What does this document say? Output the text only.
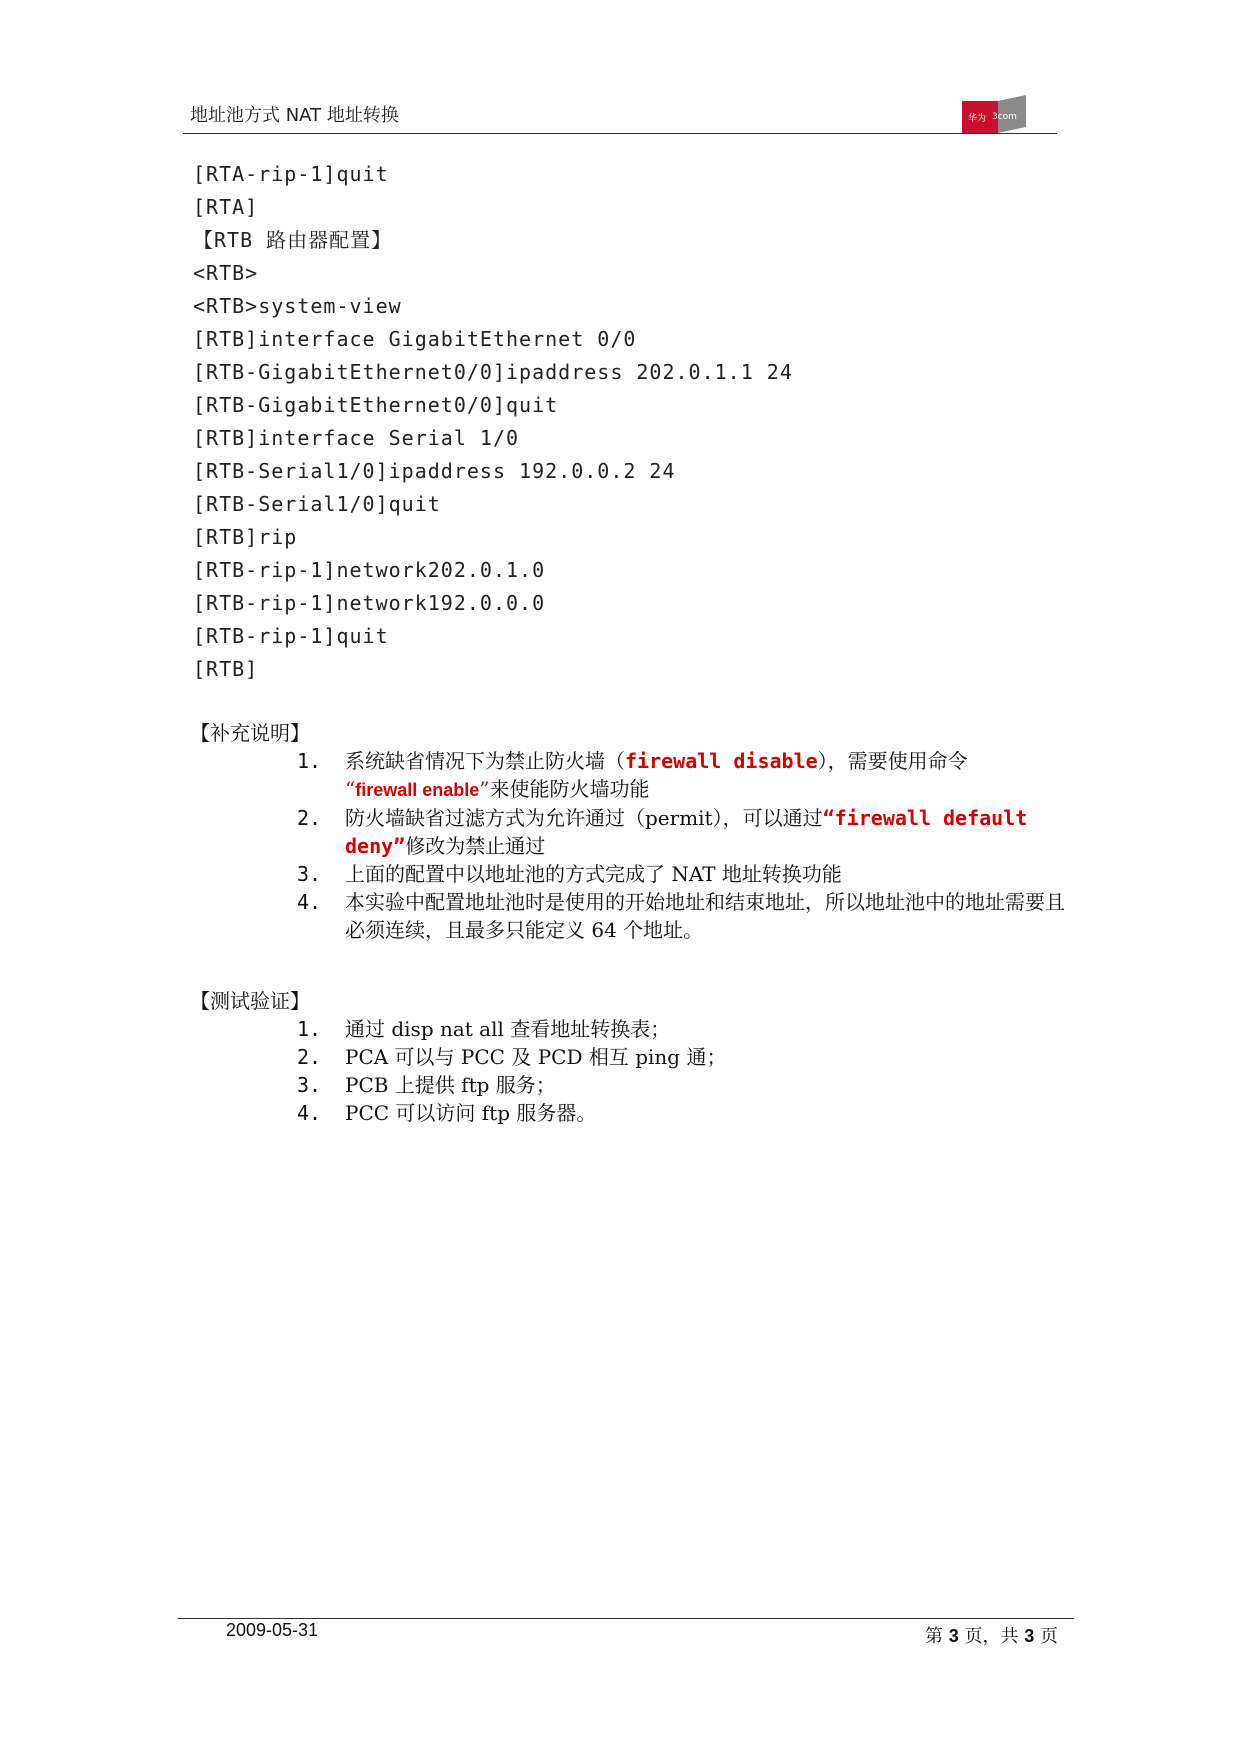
地址池方式 NAT 地址转换	华为 3com
[RTA-rip-1]quit
[RTA]
【RTB 路由器配置】
<RTB>
<RTB>system-view
[RTB]interface GigabitEthernet 0/0
[RTB-GigabitEthernet0/0]ipaddress 202.0.1.1 24
[RTB-GigabitEthernet0/0]quit
[RTB]interface Serial 1/0
[RTB-Serial1/0]ipaddress 192.0.0.2 24
[RTB-Serial1/0]quit
[RTB]rip
[RTB-rip-1]network202.0.1.0
[RTB-rip-1]network192.0.0.0
[RTB-rip-1]quit
[RTB]
【补充说明】
1. 系统缺省情况下为禁止防火墙（firewall disable），需要使用命令
“firewall enable”来使能防火墙功能
2. 防火墙缺省过滤方式为允许通过（permit），可以通过“firewall default deny”修改为禁止通过
3. 上面的配置中以地址池的方式完成了 NAT 地址转换功能
4. 本实验中配置地址池时是使用的开始地址和结束地址，所以地址池中的地址需要且必须连续，且最多只能定义 64 个地址。
【测试验证】
1. 通过 disp nat all 查看地址转换表；
2. PCA 可以与 PCC 及 PCD 相互 ping 通；
3. PCB 上提供 ftp 服务；
4. PCC 可以访问 ftp 服务器。
2009-05-31	第 3 页，共 3 页
